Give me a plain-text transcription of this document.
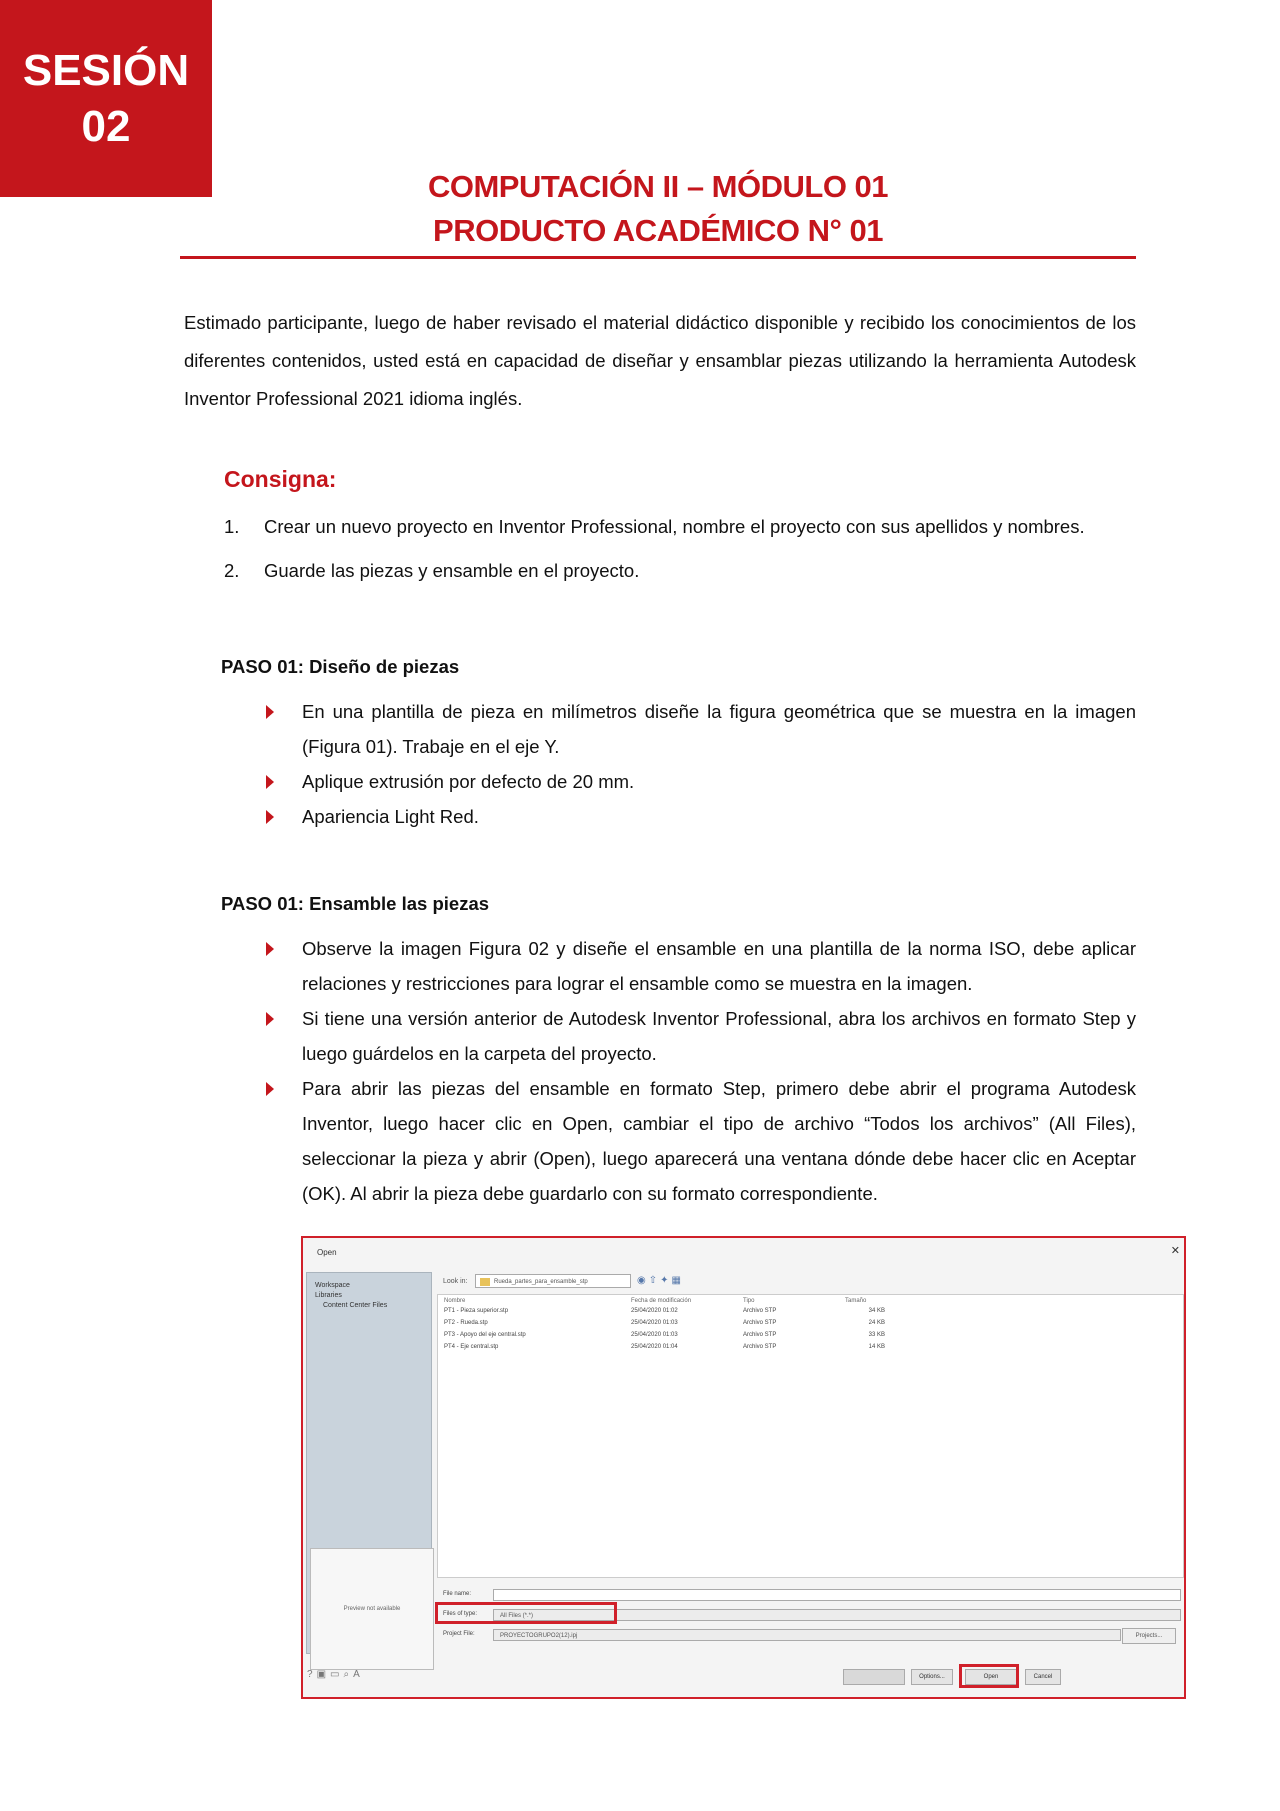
SESIÓN
02
COMPUTACIÓN II – MÓDULO 01
PRODUCTO ACADÉMICO N° 01

Estimado participante, luego de haber revisado el material didáctico disponible y recibido los conocimientos de los diferentes contenidos, usted está en capacidad de diseñar y ensamblar piezas utilizando la herramienta Autodesk Inventor Professional 2021 idioma inglés.

Consigna:
1.	Crear un nuevo proyecto en Inventor Professional, nombre el proyecto con sus apellidos y nombres.
2.	Guarde las piezas y ensamble en el proyecto.
PASO 01: Diseño de piezas
En una plantilla de pieza en milímetros diseñe la figura geométrica que se muestra en la imagen (Figura 01). Trabaje en el eje Y.
Aplique extrusión por defecto de 20 mm.
Apariencia Light Red.
PASO 01: Ensamble las piezas
Observe la imagen Figura 02 y diseñe el ensamble en una plantilla de la norma ISO, debe aplicar relaciones y restricciones para lograr el ensamble como se muestra en la imagen.
Si tiene una versión anterior de Autodesk Inventor Professional, abra los archivos en formato Step y luego guárdelos en la carpeta del proyecto.
Para abrir las piezas del ensamble en formato Step, primero debe abrir el programa Autodesk Inventor, luego hacer clic en Open, cambiar el tipo de archivo “Todos los archivos” (All Files), seleccionar la pieza y abrir (Open), luego aparecerá una ventana dónde debe hacer clic en Aceptar (OK). Al abrir la pieza debe guardarlo con su formato correspondiente.
Open	✕
Workspace
Libraries
Content Center Files
Preview not available
Look in:	Rueda_partes_para_ensamble_stp	◉⇧✦▦
Nombre	Fecha de modificación	Tipo	Tamaño
PT1 - Pieza superior.stp	25/04/2020 01:02	Archivo STP	34 KB
PT2 - Rueda.stp	25/04/2020 01:03	Archivo STP	24 KB
PT3 - Apoyo del eje central.stp	25/04/2020 01:03	Archivo STP	33 KB
PT4 - Eje central.stp	25/04/2020 01:04	Archivo STP	14 KB
File name:
Files of type:	All Files (*.*)
Project File:	PROYECTOGRUPO2(12).ipj	Projects...
?▣▭⌕A	Options...	Open	Cancel
